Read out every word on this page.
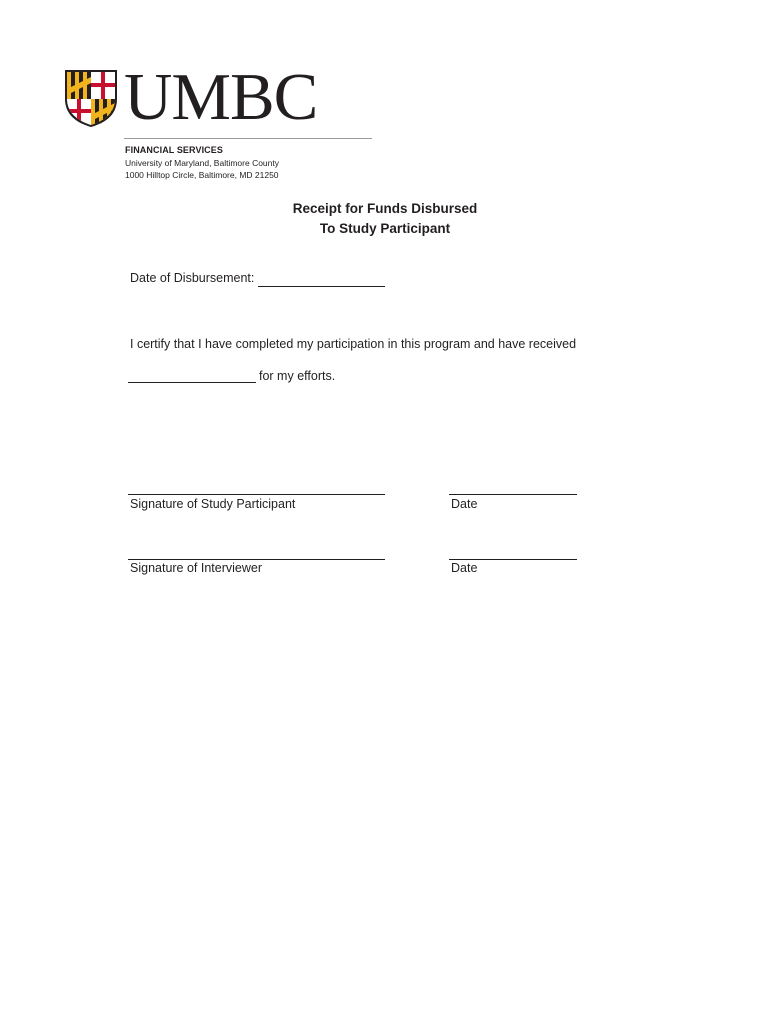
UMBC
FINANCIAL SERVICES
University of Maryland, Baltimore County
1000 Hilltop Circle, Baltimore, MD 21250
Receipt for Funds Disbursed
To Study Participant
Date of Disbursement:
I certify that I have completed my participation in this program and have received
for my efforts.
Signature of Study Participant	Date
Signature of Interviewer	Date
